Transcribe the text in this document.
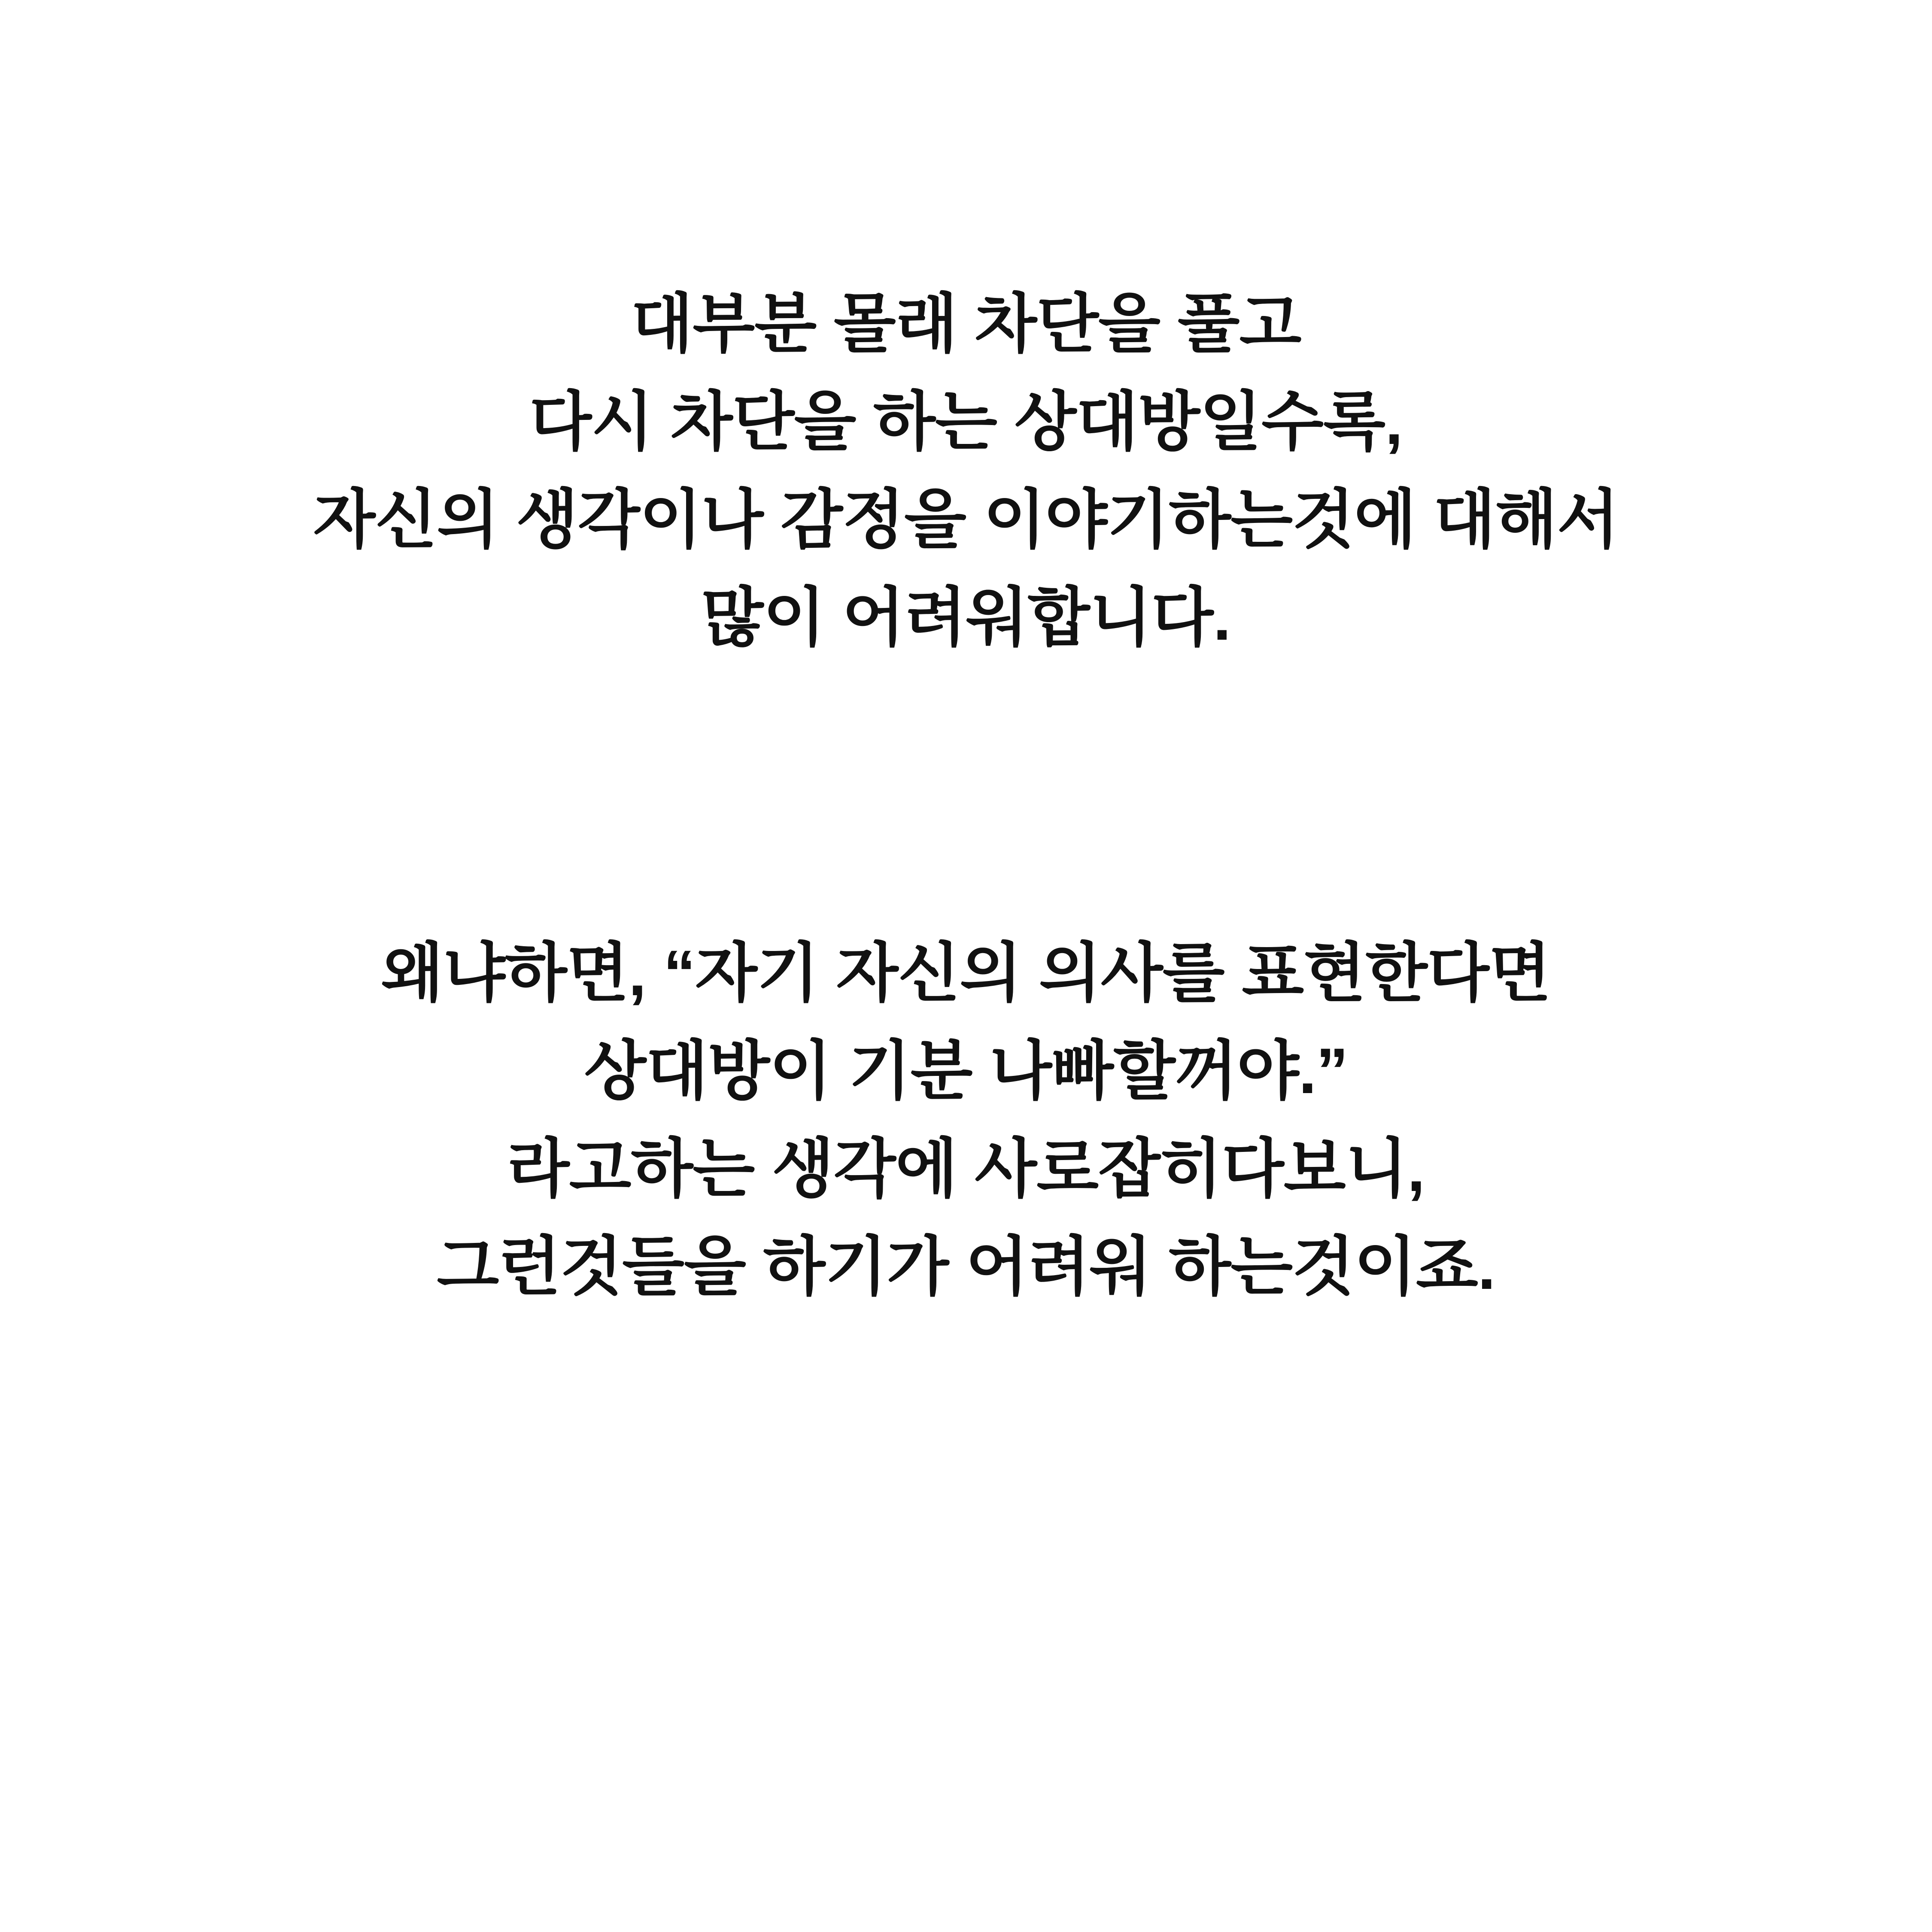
대부분 몰래 차단을 풀고
다시 차단을 하는 상대방일수록,
자신의 생각이나 감정을 이야기하는것에 대해서
많이 어려워합니다.
왜냐하면, “자기 자신의 의사를 표현한다면
상대방이 기분 나빠할꺼야.”
라고하는 생각에 사로잡히다보니,
그런것들을 하기가 어려워 하는것이죠.
